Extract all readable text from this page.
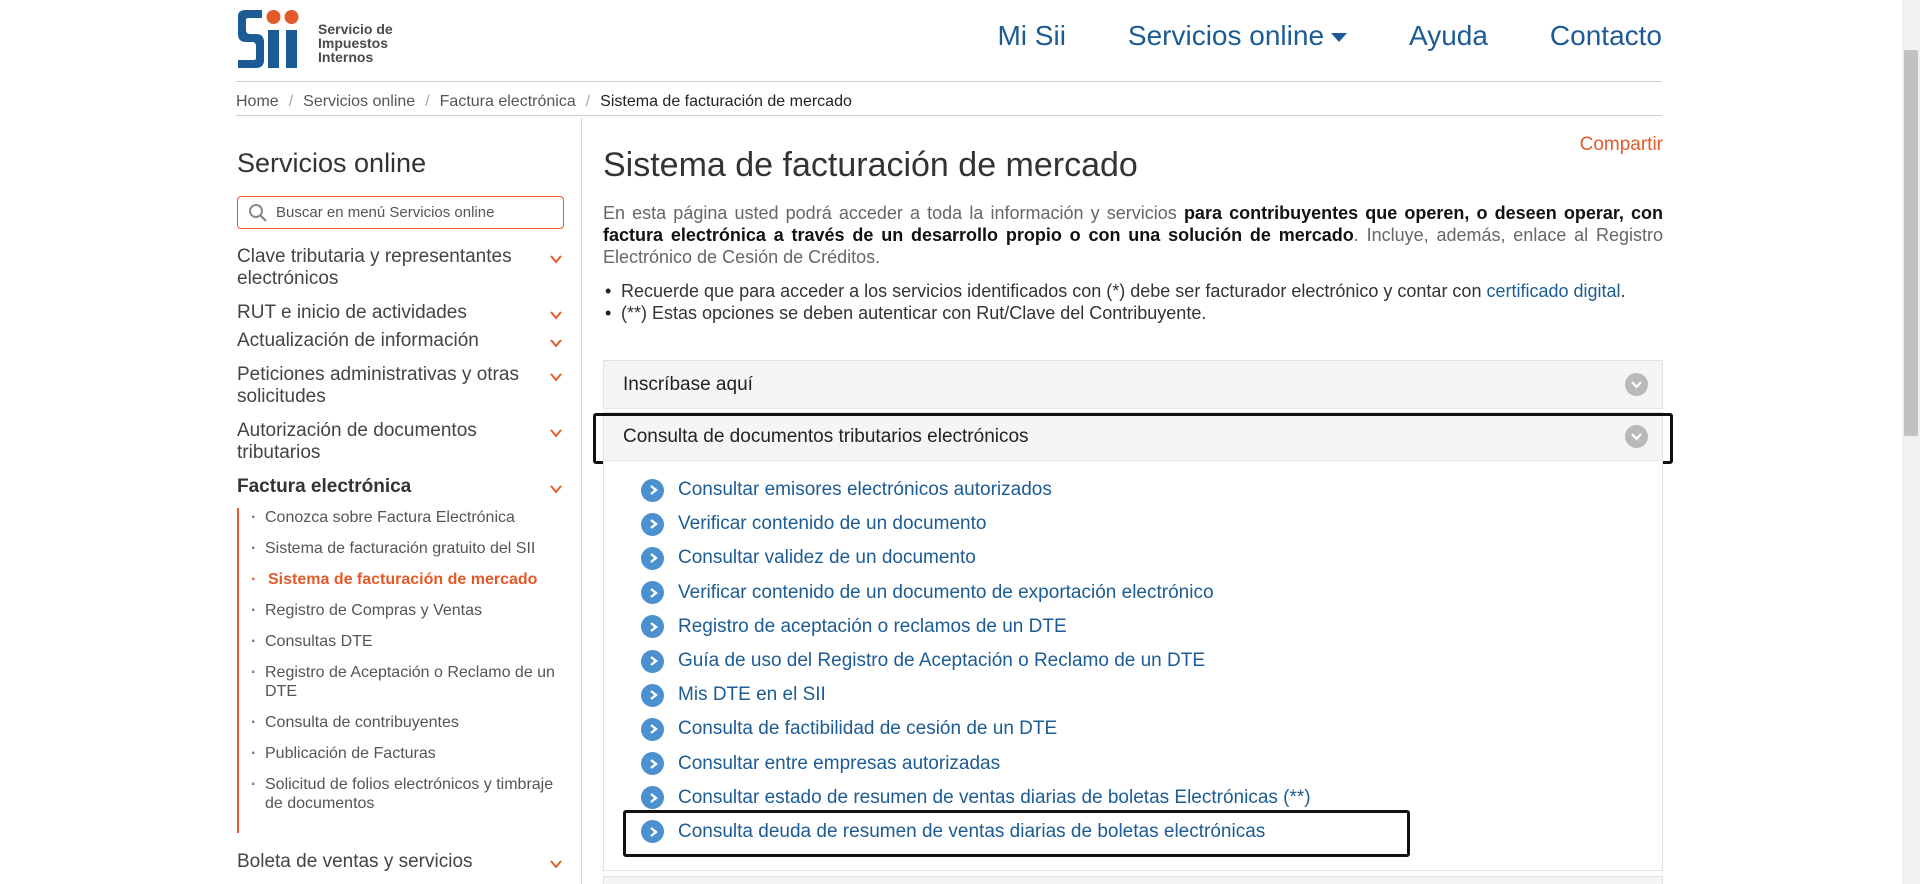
Servicio de
Impuestos
Internos
Mi Sii Servicios online	Ayuda Contacto
Home / Servicios online / Factura electrónica / Sistema de facturación de mercado
Servicios online
Buscar en menú Servicios online
Clave tributaria y representantes electrónicos
RUT e inicio de actividades
Actualización de información
Peticiones administrativas y otras solicitudes
Autorización de documentos tributarios
Factura electrónica
· Conozca sobre Factura Electrónica
· Sistema de facturación gratuito del SII
· Sistema de facturación de mercado
· Registro de Compras y Ventas
· Consultas DTE
· Registro de Aceptación o Reclamo de un DTE
· Consulta de contribuyentes
· Publicación de Facturas
· Solicitud de folios electrónicos y timbraje de documentos
Boleta de ventas y servicios
Compartir
Sistema de facturación de mercado

En esta página usted podrá acceder a toda la información y servicios para contribuyentes que operen, o deseen operar, con factura electrónica a través de un desarrollo propio o con una solución de mercado. Incluye, además, enlace al Registro Electrónico de Cesión de Créditos.

• Recuerde que para acceder a los servicios identificados con (*) debe ser facturador electrónico y contar con certificado digital.
• (**) Estas opciones se deben autenticar con Rut/Clave del Contribuyente.
Inscríbase aquí
Consulta de documentos tributarios electrónicos
Consultar emisores electrónicos autorizados
Verificar contenido de un documento
Consultar validez de un documento
Verificar contenido de un documento de exportación electrónico
Registro de aceptación o reclamos de un DTE
Guía de uso del Registro de Aceptación o Reclamo de un DTE
Mis DTE en el SII
Consulta de factibilidad de cesión de un DTE
Consultar entre empresas autorizadas
Consultar estado de resumen de ventas diarias de boletas Electrónicas (**)
Consulta deuda de resumen de ventas diarias de boletas electrónicas
